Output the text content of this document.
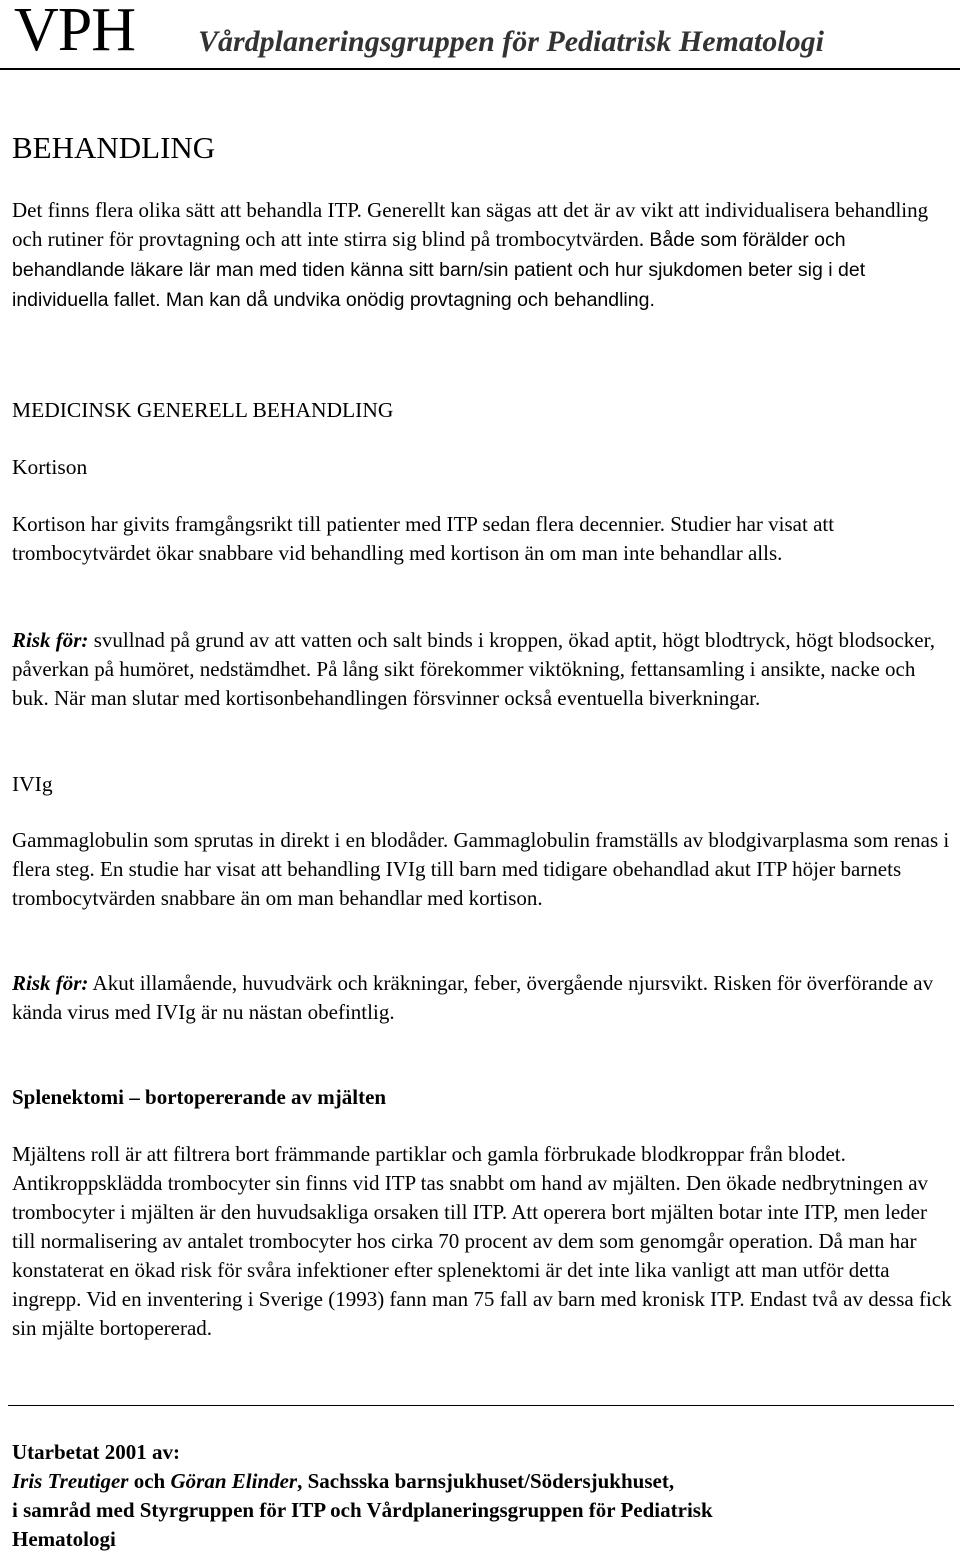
VPH Vårdplaneringsgruppen för Pediatrisk Hematologi
BEHANDLING

Det finns flera olika sätt att behandla ITP. Generellt kan sägas att det är av vikt att individualisera behandling och rutiner för provtagning och att inte stirra sig blind på trombocytvärden. Både som förälder och behandlande läkare lär man med tiden känna sitt barn/sin patient och hur sjukdomen beter sig i det individuella fallet. Man kan då undvika onödig provtagning och behandling.

MEDICINSK GENERELL BEHANDLING
Kortison

Kortison har givits framgångsrikt till patienter med ITP sedan flera decennier. Studier har visat att trombocytvärdet ökar snabbare vid behandling med kortison än om man inte behandlar alls.

Risk för: svullnad på grund av att vatten och salt binds i kroppen, ökad aptit, högt blodtryck, högt blodsocker, påverkan på humöret, nedstämdhet. På lång sikt förekommer viktökning, fettansamling i ansikte, nacke och buk. När man slutar med kortisonbehandlingen försvinner också eventuella biverkningar.

IVIg

Gammaglobulin som sprutas in direkt i en blodåder. Gammaglobulin framställs av blodgivarplasma som renas i flera steg. En studie har visat att behandling IVIg till barn med tidigare obehandlad akut ITP höjer barnets trombocytvärden snabbare än om man behandlar med kortison.

Risk för: Akut illamående, huvudvärk och kräkningar, feber, övergående njursvikt. Risken för överförande av kända virus med IVIg är nu nästan obefintlig.

Splenektomi – bortopererande av mjälten

Mjältens roll är att filtrera bort främmande partiklar och gamla förbrukade blodkroppar från blodet. Antikroppsklädda trombocyter sin finns vid ITP tas snabbt om hand av mjälten. Den ökade nedbrytningen av trombocyter i mjälten är den huvudsakliga orsaken till ITP. Att operera bort mjälten botar inte ITP, men leder till normalisering av antalet trombocyter hos cirka 70 procent av dem som genomgår operation. Då man har konstaterat en ökad risk för svåra infektioner efter splenektomi är det inte lika vanligt att man utför detta ingrepp. Vid en inventering i Sverige (1993) fann man 75 fall av barn med kronisk ITP. Endast två av dessa fick sin mjälte bortopererad.

Utarbetat 2001 av:
Iris Treutiger och Göran Elinder, Sachsska barnsjukhuset/Södersjukhuset,
i samråd med Styrgruppen för ITP och Vårdplaneringsgruppen för Pediatrisk
Hematologi
